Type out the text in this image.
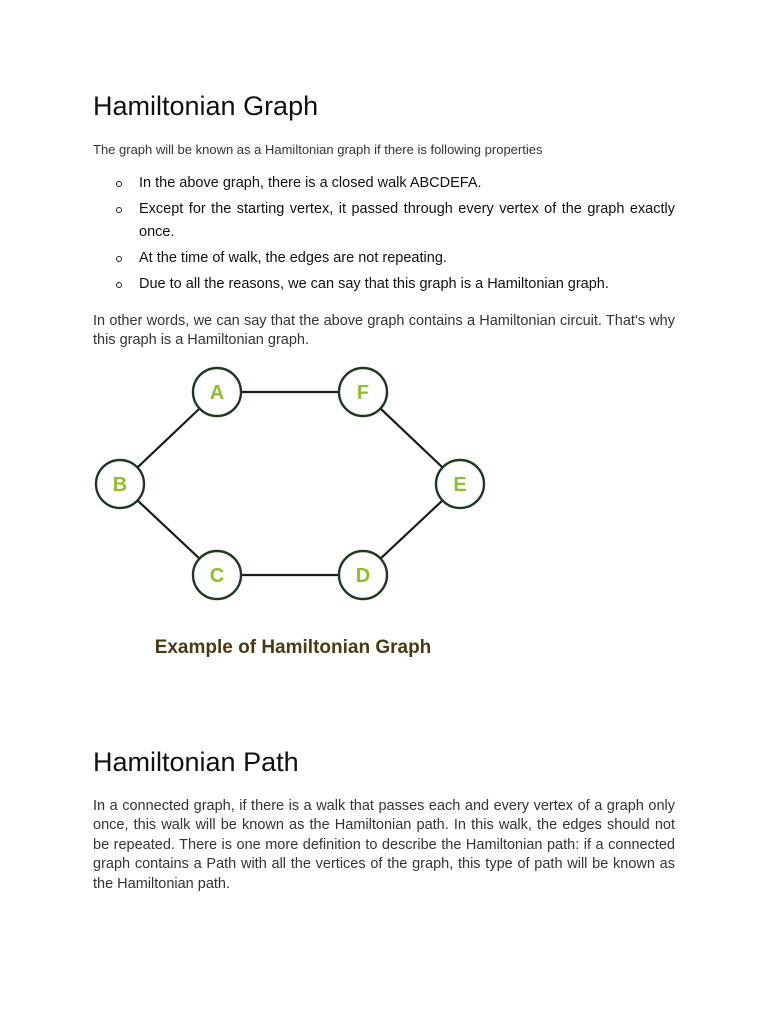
Hamiltonian Graph
The graph will be known as a Hamiltonian graph if there is following properties
In the above graph, there is a closed walk ABCDEFA.
Except for the starting vertex, it passed through every vertex of the graph exactly once.
At the time of walk, the edges are not repeating.
Due to all the reasons, we can say that this graph is a Hamiltonian graph.

In other words, we can say that the above graph contains a Hamiltonian circuit. That's why this graph is a Hamiltonian graph.

Hamiltonian Path

In a connected graph, if there is a walk that passes each and every vertex of a graph only once, this walk will be known as the Hamiltonian path. In this walk, the edges should not be repeated. There is one more definition to describe the Hamiltonian path: if a connected graph contains a Path with all the vertices of the graph, this type of path will be known as the Hamiltonian path.

A	F
B	E
C	D
Example of Hamiltonian Graph
